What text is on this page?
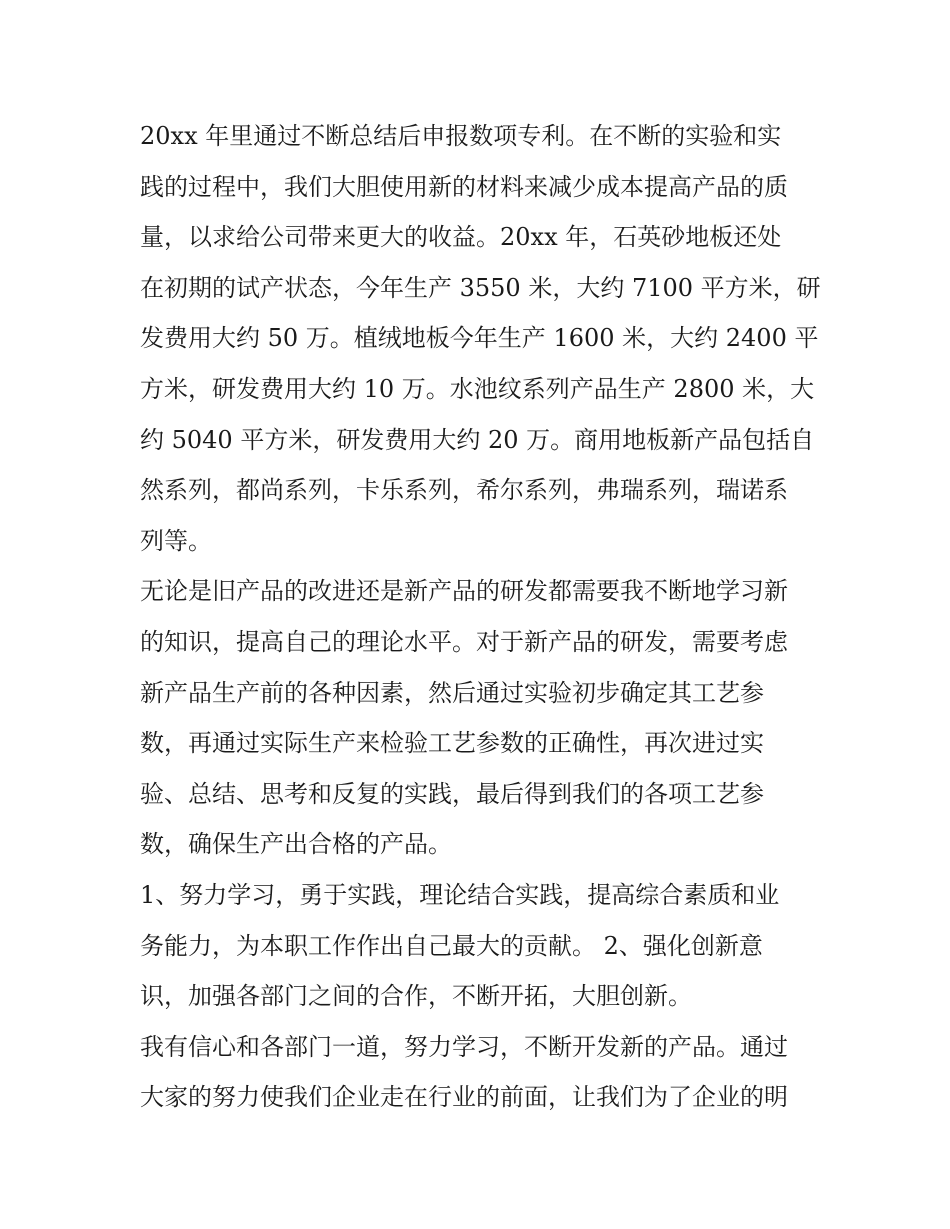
20xx 年里通过不断总结后申报数项专利。在不断的实验和实
践的过程中，我们大胆使用新的材料来减少成本提高产品的质
量，以求给公司带来更大的收益。20xx 年，石英砂地板还处
在初期的试产状态，今年生产 3550 米，大约 7100 平方米，研
发费用大约 50 万。植绒地板今年生产 1600 米，大约 2400 平
方米，研发费用大约 10 万。水池纹系列产品生产 2800 米，大
约 5040 平方米，研发费用大约 20 万。商用地板新产品包括自
然系列，都尚系列，卡乐系列，希尔系列，弗瑞系列，瑞诺系
列等。

无论是旧产品的改进还是新产品的研发都需要我不断地学习新
的知识，提高自己的理论水平。对于新产品的研发，需要考虑
新产品生产前的各种因素，然后通过实验初步确定其工艺参
数，再通过实际生产来检验工艺参数的正确性，再次进过实
验、总结、思考和反复的实践，最后得到我们的各项工艺参
数，确保生产出合格的产品。

1、努力学习，勇于实践，理论结合实践，提高综合素质和业
务能力，为本职工作作出自己最大的贡献。 2、强化创新意
识，加强各部门之间的合作，不断开拓，大胆创新。

我有信心和各部门一道，努力学习，不断开发新的产品。通过
大家的努力使我们企业走在行业的前面，让我们为了企业的明
